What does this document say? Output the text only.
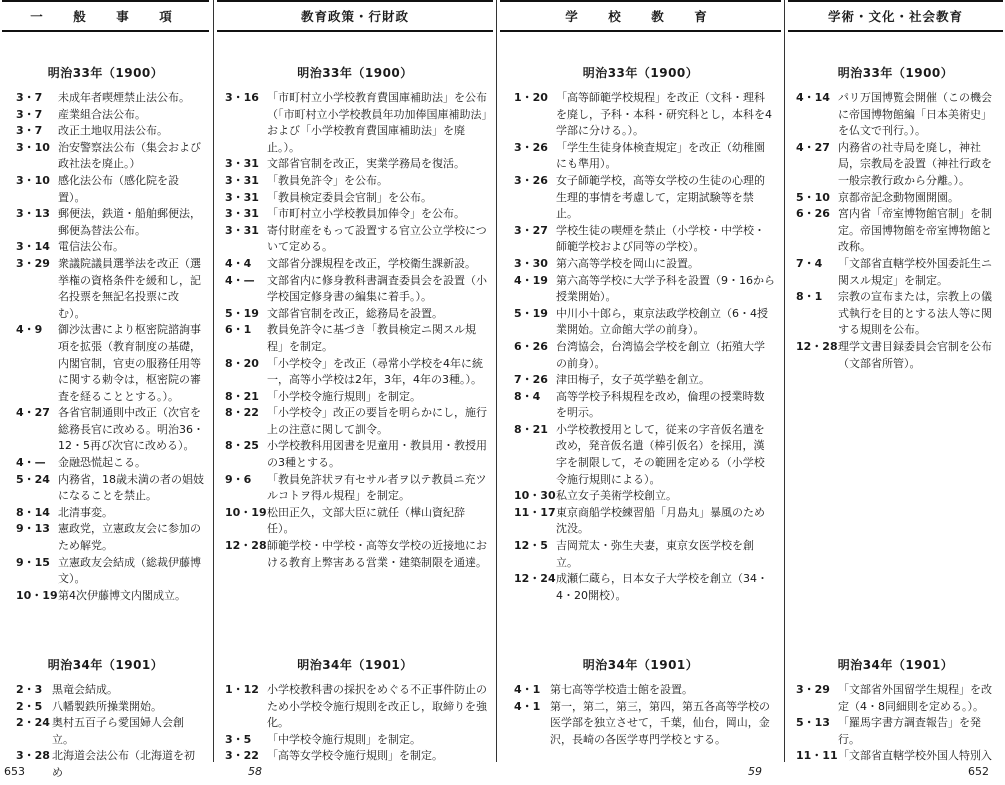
一　般　事　項
明治33年（1900）
3・7	未成年者喫煙禁止法公布。
3・7	産業組合法公布。
3・7	改正土地収用法公布。
3・10 治安警察法公布（集会および政社法を廃止。）
3・10 感化法公布（感化院を設置）。
3・13 郵便法，鉄道・船舶郵便法，郵便為替法公布。
3・14 電信法公布。
3・29 衆議院議員選挙法を改正（選挙権の資格条件を緩和し，記名投票を無記名投票に改む）。
4・9	御沙汰書により枢密院諮詢事項を拡張（教育制度の基礎，内閣官制，官吏の服務任用等に関する勅令は，枢密院の審査を経ることとする。）。
4・27 各省官制通則中改正（次官を総務長官に改める。明治36・12・5再び次官に改める）。
4・—	金融恐慌起こる。
5・24 内務省，18歳未満の者の娼妓になることを禁止。
8・14 北清事変。
9・13 憲政党，立憲政友会に参加のため解党。
9・15 立憲政友会結成（総裁伊藤博文）。
10・19 第4次伊藤博文内閣成立。
明治34年（1901）
2・3 黒竜会結成。
2・5 八幡製鉄所操業開始。
2・24 奥村五百子ら愛国婦人会創立。
3・28 北海道会法公布（北海道を初め
教育政策・行財政
明治33年（1900）
3・16 「市町村立小学校教育費国庫補助法」を公布（「市町村立小学校教員年功加俸国庫補助法」および「小学校教育費国庫補助法」を廃止。）。
3・31 文部省官制を改正，実業学務局を復活。
3・31 「教員免許令」を公布。
3・31 「教員検定委員会官制」を公布。
3・31 「市町村立小学校教員加俸令」を公布。
3・31 寄付財産をもって設置する官立公立学校について定める。
4・4	文部省分課規程を改正，学校衛生課新設。
4・—	文部省内に修身教科書調査委員会を設置（小学校国定修身書の編集に着手。）。
5・19 文部省官制を改正，総務局を設置。
6・1	教員免許令に基づき「教員検定ニ関スル規程」を制定。
8・20 「小学校令」を改正（尋常小学校を4年に統一，高等小学校は2年，3年，4年の3種。）。
8・21 「小学校令施行規則」を制定。
8・22 「小学校令」改正の要旨を明らかにし，施行上の注意に関して訓令。
8・25 小学校教科用図書を児童用・教員用・教授用の3種とする。
9・6	「教員免許状ヲ有セサル者ヲ以テ教員ニ充ツルコトヲ得ル規程」を制定。
10・19 松田正久，文部大臣に就任（樺山資紀辞任）。
12・28 師範学校・中学校・高等女学校の近接地における教育上弊害ある営業・建築制限を通達。
明治34年（1901）
1・12 小学校教科書の採択をめぐる不正事件防止のため小学校令施行規則を改正し，取締りを強化。
3・5	「中学校令施行規則」を制定。
3・22 「高等女学校令施行規則」を制定。
学　校　教　育
明治33年（1900）
1・20 「高等師範学校規程」を改正（文科・理科を廃し，予科・本科・研究科とし，本科を4学部に分ける。）。
3・26 「学生生徒身体検査規定」を改正（幼稚園にも準用）。
3・26 女子師範学校，高等女学校の生徒の心理的生理的事情を考慮して，定期試験等を禁止。
3・27 学校生徒の喫煙を禁止（小学校・中学校・師範学校および同等の学校）。
3・30 第六高等学校を岡山に設置。
4・19 第六高等学校に大学予科を設置（9・16から授業開始）。
5・19 中川小十郎ら，東京法政学校創立（6・4授業開始。立命館大学の前身）。
6・26 台湾協会，台湾協会学校を創立（拓殖大学の前身）。
7・26 津田梅子，女子英学塾を創立。
8・4	高等学校予科規程を改め，倫理の授業時数を明示。
8・21 小学校教授用として，従来の字音仮名遣を改め，発音仮名遣（棒引仮名）を採用，漢字を制限して，その範囲を定める（小学校令施行規則による）。
10・30 私立女子美術学校創立。
11・17 東京商船学校練習船「月島丸」暴風のため沈没。
12・5 吉岡荒太・弥生夫妻，東京女医学校を創立。
12・24 成瀬仁蔵ら，日本女子大学校を創立（34・4・20開校）。
明治34年（1901）
4・1 第七高等学校造士館を設置。
4・1 第一，第二，第三，第四，第五各高等学校の医学部を独立させて，千葉，仙台，岡山，金沢，長崎の各医学専門学校とする。
学術・文化・社会教育
明治33年（1900）
4・14 パリ万国博覧会開催（この機会に帝国博物館編「日本美術史」を仏文で刊行。）。
4・27 内務省の社寺局を廃し，神社局，宗教局を設置（神社行政を一般宗教行政から分離。）。
5・10 京都帝記念動物園開園。
6・26 宮内省「帝室博物館官制」を制定。帝国博物館を帝室博物館と改称。
7・4	「文部省直轄学校外国委託生ニ関スル規定」を制定。
8・1	宗教の宣布または，宗教上の儀式執行を目的とする法人等に関する規則を公布。
12・28 理学文書目録委員会官制を公布（文部省所管）。
明治34年（1901）
3・29 「文部省外国留学生規程」を改定（4・8同細則を定める。）。
5・13 「羅馬字書方調査報告」を発行。
11・11 「文部省直轄学校外国人特別入
653	58	59	652
